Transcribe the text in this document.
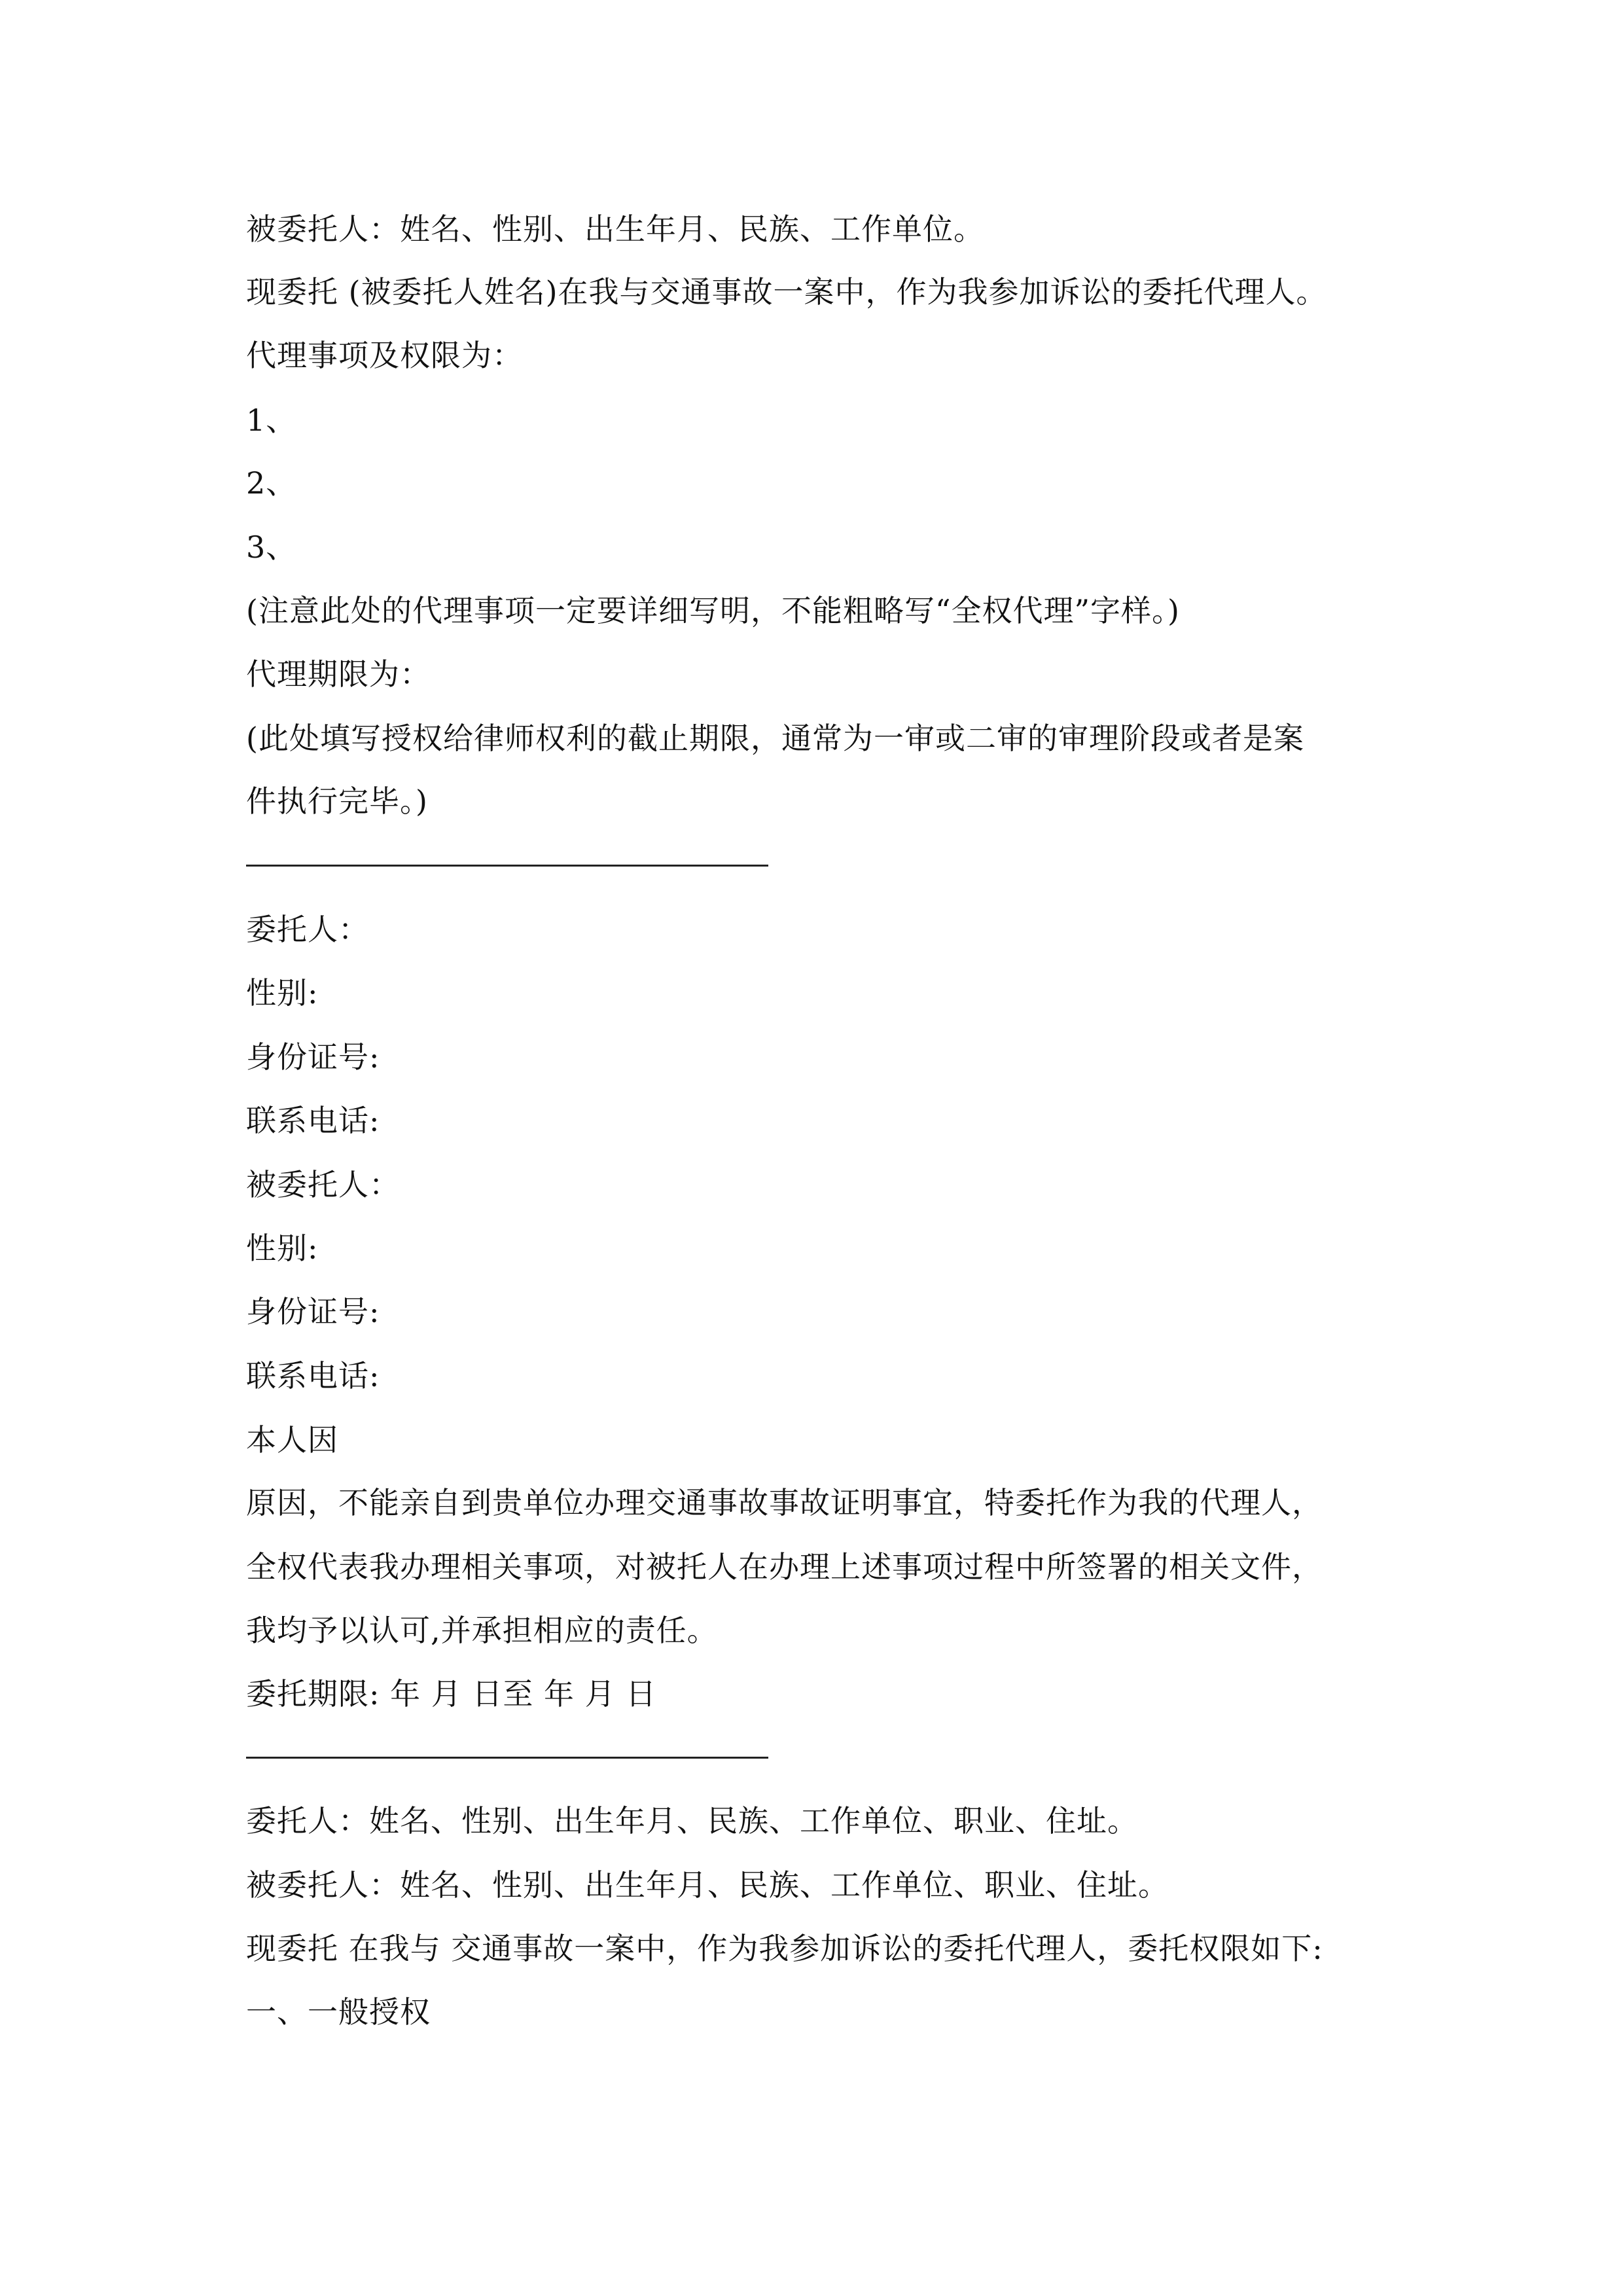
被委托人：姓名、性别、出生年月、民族、工作单位。
现委托 (被委托人姓名)在我与交通事故一案中，作为我参加诉讼的委托代理人。
代理事项及权限为：
1、
2、
3、
(注意此处的代理事项一定要详细写明，不能粗略写“全权代理”字样。)
代理期限为：
(此处填写授权给律师权利的截止期限，通常为一审或二审的审理阶段或者是案
件执行完毕。)
委托人：
性别:
身份证号:
联系电话:
被委托人：
性别:
身份证号:
联系电话:
本人因
原因，不能亲自到贵单位办理交通事故事故证明事宜，特委托作为我的代理人，
全权代表我办理相关事项，对被托人在办理上述事项过程中所签署的相关文件，
我均予以认可,并承担相应的责任。
委托期限: 年 月 日至 年 月 日
委托人：姓名、性别、出生年月、民族、工作单位、职业、住址。
被委托人：姓名、性别、出生年月、民族、工作单位、职业、住址。
现委托 在我与 交通事故一案中，作为我参加诉讼的委托代理人，委托权限如下:
一、一般授权
